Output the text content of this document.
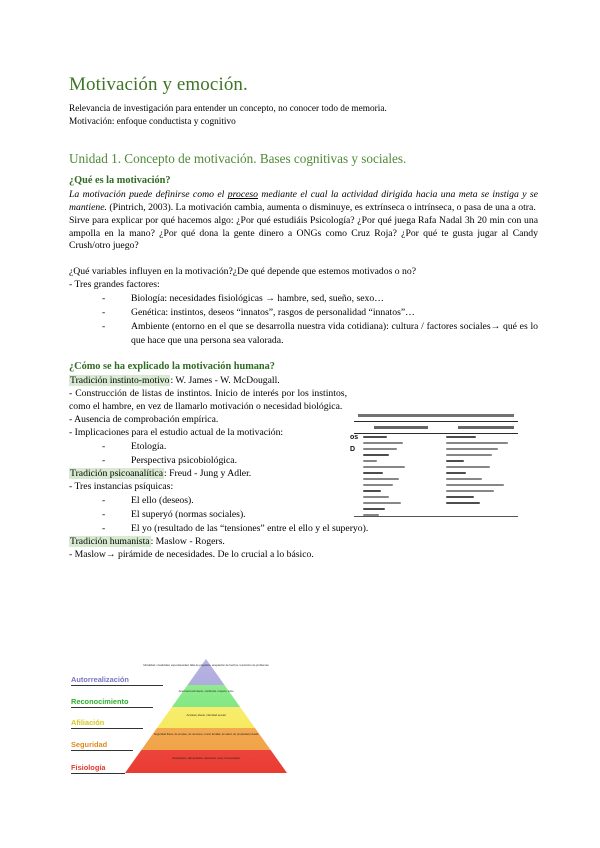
Motivación y emoción.
Relevancia de investigación para entender un concepto, no conocer todo de memoria.
Motivación: enfoque conductista y cognitivo
Unidad 1. Concepto de motivación. Bases cognitivas y sociales.
¿Qué es la motivación?

La motivación puede definirse como el proceso mediante el cual la actividad dirigida hacia una meta se instiga y se mantiene. (Pintrich, 2003). La motivación cambia, aumenta o disminuye, es extrínseca o intrínseca, o pasa de una a otra.

Sirve para explicar por qué hacemos algo: ¿Por qué estudiáis Psicología? ¿Por qué juega Rafa Nadal 3h 20 min con una ampolla en la mano? ¿Por qué dona la gente dinero a ONGs como Cruz Roja? ¿Por qué te gusta jugar al Candy Crush/otro juego?

¿Qué variables influyen en la motivación?¿De qué depende que estemos motivados o no?

- Tres grandes factores:

- Biología: necesidades fisiológicas → hambre, sed, sueño, sexo…
- Genética: instintos, deseos “innatos”, rasgos de personalidad “innatos”…
- Ambiente (entorno en el que se desarrolla nuestra vida cotidiana): cultura / factores sociales→ qué es lo que hace que una persona sea valorada.
¿Cómo se ha explicado la motivación humana?

Tradición instinto-motivo: W. James - W. McDougall.

- Construcción de listas de instintos. Inicio de interés por los instintos, como el hambre, en vez de llamarlo motivación o necesidad biológica.

- Ausencia de comprobación empírica.

- Implicaciones para el estudio actual de la motivación:

- Etología.
- Perspectiva psicobiológica.

Tradición psicoanalítica: Freud - Jung y Adler.

- Tres instancias psíquicas:

- El ello (deseos).
- El superyó (normas sociales).
- El yo (resultado de las “tensiones” entre el ello y el superyo).

Tradición humanista: Maslow - Rogers.

- Maslow→ pirámide de necesidades. De lo crucial a lo básico.

os
D
Moralidad, creatividad, espontaneidad, falta de prejuicios, aceptación de hechos, resolución de problemas
Autorreconocimiento, confianza, respeto, éxito
Amistad, afecto, intimidad sexual
Seguridad física, de empleo, de recursos, moral, familiar, de salud, de propiedad privada
Respiración, alimentación, descanso, sexo, homeostasis
Autorrealización
Reconocimiento
Afiliación
Seguridad
Fisiología
